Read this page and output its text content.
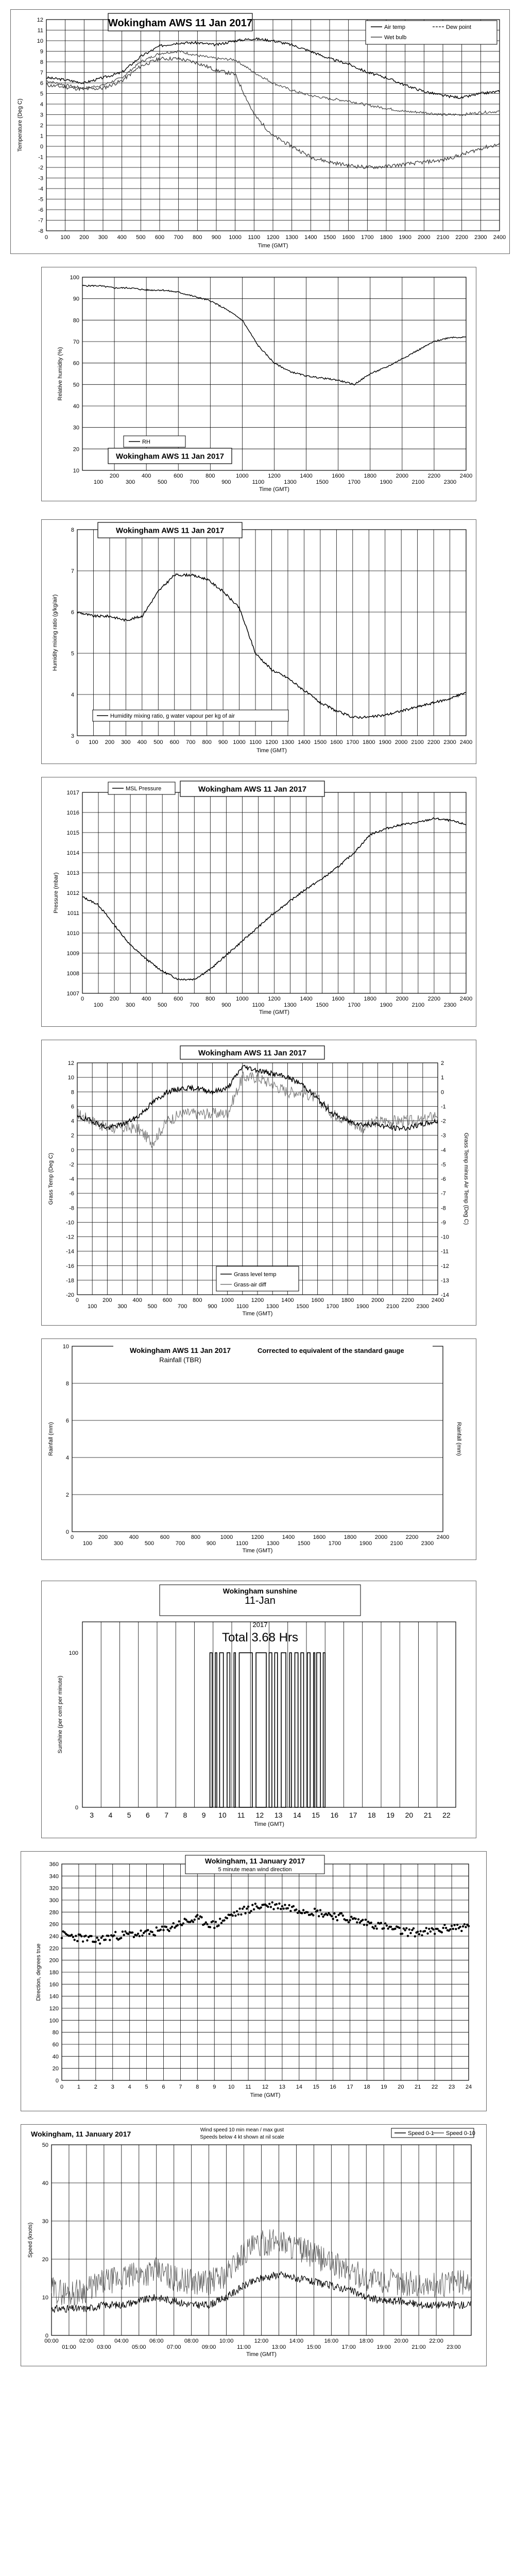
12
11
10
9
8
7
6
5
4
3
2
1
0
-1
-2
-3
-4
-5
-6
-7
-8
0 100 200 300 400 500 600 700 800 900 1000 1100 1200 1300 1400 1500 1600 1700 1800 1900 2000 2100 2200 2300 2400
Time (GMT)
Temperature (Deg C)
Wokingham AWS 11 Jan 2017	Air temp	Dew point
Wet bulb
100
90
80
70
60
50
40
30
20
10
200	400	600	800	1000	1200	1400	1600	1800	2000	2200	2400
100	300	500	700	900	1100	1300	1500	1700	1900	2100	2300
Time (GMT)
Relative humidity (%)
RH
Wokingham AWS 11 Jan 2017
8
7
6
5
4
3
0 100 200 300 400 500 600 700 800 900 1000 1100 1200 1300 1400 1500 1600 1700 1800 1900 2000 2100 2200 2300 2400
Time (GMT)
Humidity mixing ratio (g/kg/air)
Wokingham AWS 11 Jan 2017
Humidity mixing ratio, g water vapour per kg of air
1017
1016
1015
1014
1013
1012
1011
1010
1009
1008
1007
0	200	400	600	800	1000	1200	1400	1600	1800	2000	2200	2400
100	300	500	700	900	1100	1300	1500	1700	1900	2100	2300
Time (GMT)
Pressure (mbar)
MSL Pressure	Wokingham AWS 11 Jan 2017
12
10
8
6
4
2
0
-2
-4
-6
-8
-10
-12
-14
-16
-18
-20
2
1
0
-1
-2
-3
-4
-5
-6
-7
-8
-9
-10
-11
-12
-13
-14
0	200	400	600	800	1000	1200	1400	1600	1800	2000	2200	2400
100	300	500	700	900	1100	1300	1500	1700	1900	2100	2300
Time (GMT)
Grass Temp (Deg C)	Grass Temp minus Air Temp (Deg C)
Wokingham AWS 11 Jan 2017
Grass level temp
Grass-air diff
10
8
6
4
2
0
0	200	400	600	800	1000	1200	1400	1600	1800	2000	2200	2400
100	300	500	700	900	1100	1300	1500	1700	1900	2100	2300
Time (GMT)
Rainfall (mm)	Rainfall (mm)
Wokingham AWS 11 Jan 2017
Rainfall (TBR)
Corrected to equivalent of the standard gauge
100
0
3 4 5 6 7 8 9 10 11 12 13 14 15 16 17 18 19 20 21 22
Time (GMT)
Sunshine (per cent per minute)
Wokingham sunshine
11-Jan
2017
Total 3.68 Hrs
360
340
320
300
280
260
240
220
200
180
160
140
120
100
80
60
40
20
0
0 1 2 3 4 5 6 7 8 9 10 11 12 13 14 15 16 17 18 19 20 21 22 23 24
Time (GMT)
Direction, degrees true
Wokingham, 11 January 2017
5 minute mean wind direction
50
40
30
20
10
0
00:00	02:00	04:00	06:00	08:00	10:00	12:00	14:00	16:00	18:00	20:00	22:00
01:00	03:00	05:00	07:00	09:00	11:00	13:00	15:00	17:00	19:00	21:00	23:00
Time (GMT)
Speed (knots)
Wokingham, 11 January 2017	Wind speed 10 min mean / max gust
Speeds below 4 kt shown at nil scale
Speed 0-1 Speed 0-10
